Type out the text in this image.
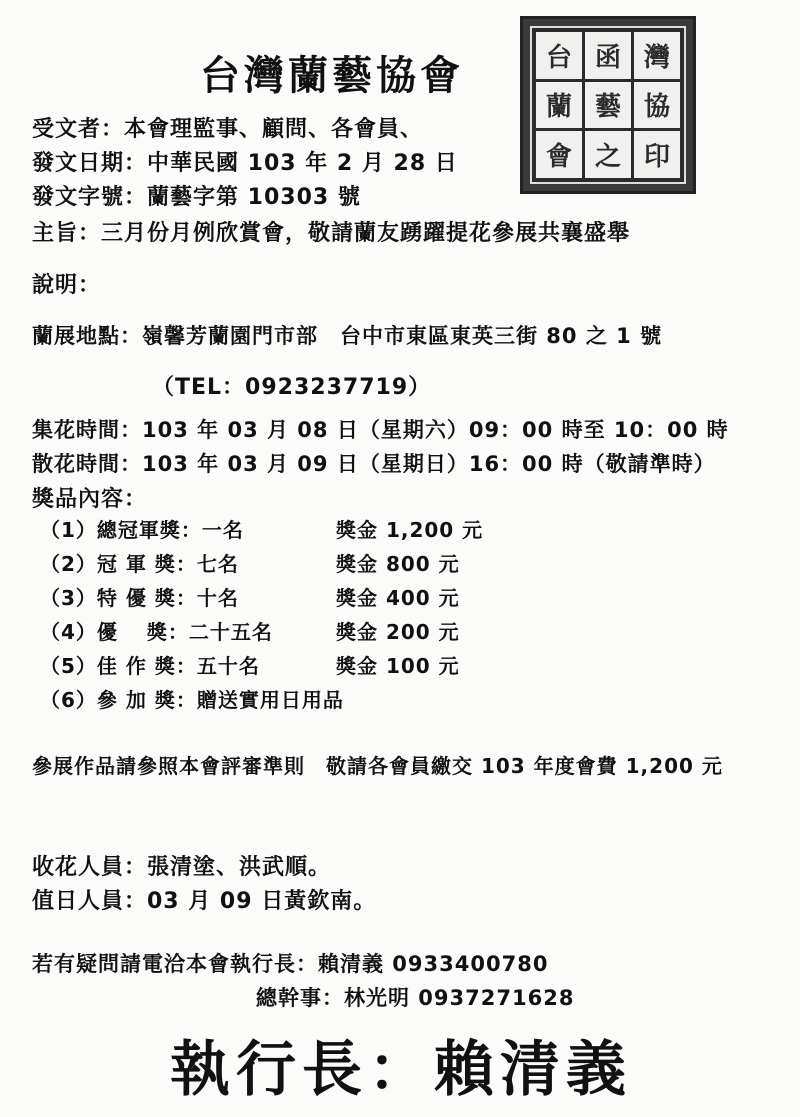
台灣蘭藝協會	台 函 灣
蘭 藝 協
會 之 印
受文者：本會理監事、顧問、各會員、
發文日期：中華民國 103 年 2 月 28 日
發文字號：蘭藝字第 10303 號
主旨：三月份月例欣賞會，敬請蘭友踴躍提花參展共襄盛舉
說明：
蘭展地點：嶺馨芳蘭園門市部　台中市東區東英三街 80 之 1 號
（TEL：0923237719）
集花時間：103 年 03 月 08 日（星期六）09：00 時至 10：00 時
散花時間：103 年 03 月 09 日（星期日）16：00 時（敬請準時）
獎品內容：
（1）總冠軍獎：一名	獎金 1,200 元
（2）冠 軍 獎：七名	獎金 800 元
（3）特 優 獎：十名	獎金 400 元
（4）優　 獎：二十五名	獎金 200 元
（5）佳 作 獎：五十名	獎金 100 元
（6）參 加 獎：贈送實用日用品
參展作品請參照本會評審準則　敬請各會員繳交 103 年度會費 1,200 元
收花人員：張清塗、洪武順。
值日人員：03 月 09 日黃欽南。
若有疑問請電洽本會執行長：賴清義 0933400780
總幹事：林光明 0937271628
執行長：賴清義
